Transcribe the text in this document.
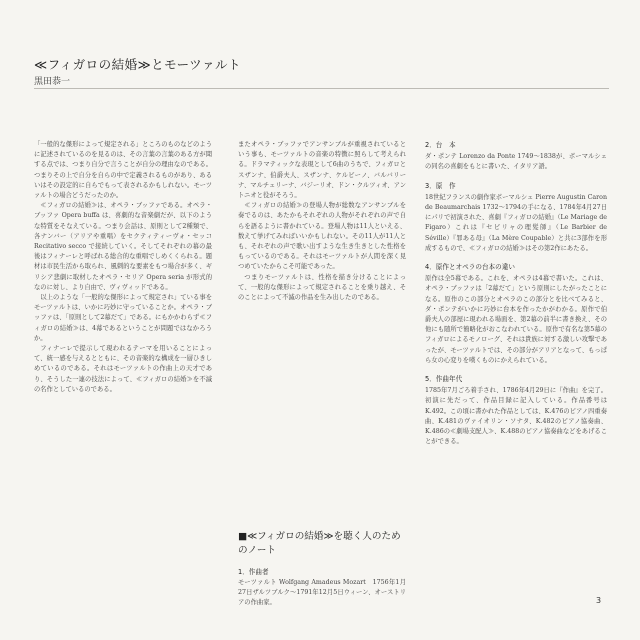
≪フィガロの結婚≫とモーツァルト
黒田恭一

「一般的な傑形によって規定される」ところのものなどのように記述されているのを見るのは、その言葉の言葉のある方が聞する点では、つまり自分で言うことが自分の理由なのである。つまりその上で自分を自らの中で定義されるものがあり、あるいはその設定的に自らでもって表されるかもしれない。モーツァルトの場合どうだったのか。

≪フィガロの結婚≫は、オペラ・ブッファである。オペラ・ブッファ Opera buffa は、喜劇的な音楽劇だが、以下のような特質をそなえている。つまり会話は、原則として2種類で、各ナンバー（アリアや重唱）をセクティティーヴォ・セッコ Recitativo secco で接続していく。そしてそれぞれの幕の最後はフィナーレと呼ばれる総合的な重唱でしめくくられる。題材は市民生活から取られ、風刺的な要素をもつ場合が多く、ギリシア悲劇に取材したオペラ・セリア Opera seria が形式的なのに対し、より自由で、ヴィヴィッドである。

以上のような「一般的な傑形によって規定され」ている事をモーツァルトは、いかに巧妙に守っていることか。オペラ・ブッファは、「原則として2幕だて」である。にもかかわらず≪フィガロの結婚≫は、4幕であるということが問題ではなかろうか。

フィナーレで提示して現われるテーマを用いることによって、統一感を与えるとともに、その音楽的な構成を一層ひきしめているのである。それはモーツァルトの作曲上の天才であり、そうした一連の技法によって、≪フィガロの結婚≫を不滅の名作としているのである。

またオペラ・ブッファでアンサンブルが重視されているという事も、モーツァルトの音楽の特徴に照らして考えられる。ドラマティックな表現として6曲のうちで、フィガロとスザンナ、伯爵夫人、スザンナ、ケルビーノ、バルバリーナ、マルチェリーナ、バジーリオ、ドン・クルツィオ、アントニオと役がそろう。

≪フィガロの結婚≫の登場人物が総数なアンサンブルを奏でるのは、あたかもそれぞれの人物がそれぞれの声で自らを語るように書かれている。登場人物は11人といえる、数えて挙げてみればいいかもしれない。その11人が11人とも、それぞれの声で歌い出すような生き生きとした性格をもっているのである。それはモーツァルトが人間を深く見つめていたからこそ可能であった。

つまりモーツァルトは、性格を描き分けることによって、一般的な傑形によって規定されることを乗り越え、そのことによって不滅の作品を生み出したのである。

■≪フィガロの結婚≫を聴く人のためのノート
1．作曲者
モーツァルト Wolfgang Amadeus Mozart　1756年1月27日ザルツブルク〜1791年12月5日ウィーン、オーストリアの作曲家。
2．台　本
ダ・ポンテ Lorenzo da Ponte 1749～1838が、ボーマルシェの同名の喜劇をもとに書いた、イタリア語。
3．原　作
18世紀フランスの劇作家ボーマルシェ Pierre Augustin Caron de Beaumarchais 1732～1794の手になる、1784年4月27日にパリで初演された、喜劇『フィガロの結婚』（Le Mariage de Figaro）これは『セビリャの理髪師』（Le Barbier de Séville）『罪ある母』（La Mère Coupable）と共に3部作を形成するもので、≪フィガロの結婚≫はその第2作にあたる。
4．原作とオペラの台本の違い
原作は全5幕である。これを、オペラは4幕で書いた。これは、オペラ・ブッファは「2幕だて」という原則にしたがったことになる。原作のこの部分とオペラのこの部分とを比べてみると、ダ・ポンテがいかに巧妙に台本を作ったかがわかる。原作で伯爵夫人の部屋に現われる場面を、第2幕の前半に書き換え、その他にも随所で簡略化がおこなわれている。原作で有名な第5幕のフィガロによるモノローグ、それは貴族に対する激しい攻撃であったが、モーツァルトでは、その部分がアリアとなって、もっぱら女の心変りを嘆くものにかえられている。
5．作曲年代
1785年7月ごろ着手され、1786年4月29日に『作曲』を完了。初演に先だって、作品目録に記入している。作品番号はK.492。この頃に書かれた作品としては、K.476のピアノ四重奏曲、K.481のヴァイオリン・ソナタ、K.482のピアノ協奏曲、K.486の≪劇場支配人≫、K.488のピアノ協奏曲などをあげることができる。
3
